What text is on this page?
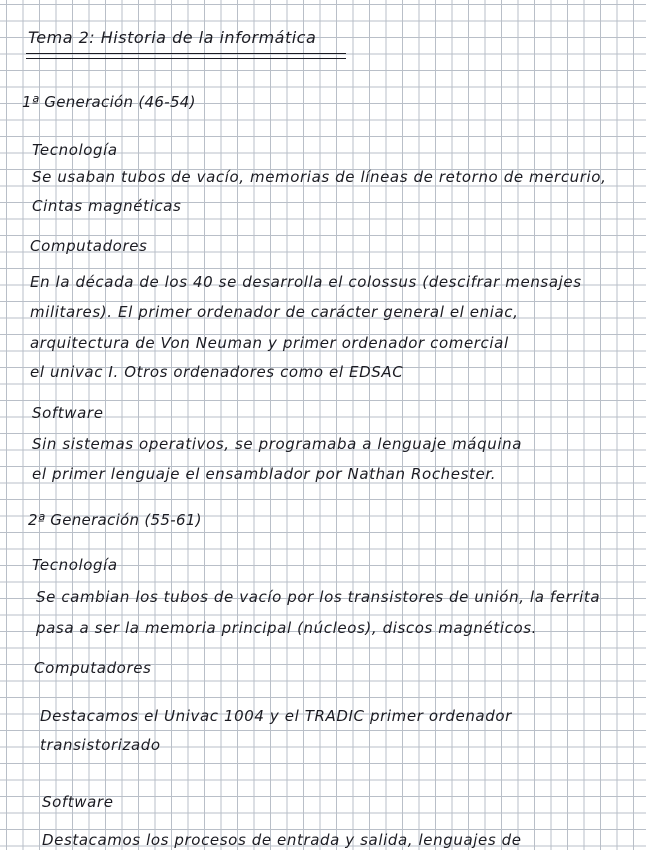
Tema 2: Historia de la informática
1ª Generación (46-54)
Tecnología
Se usaban tubos de vacío, memorias de líneas de retorno de mercurio,
Cintas magnéticas
Computadores
En la década de los 40 se desarrolla el colossus (descifrar mensajes
militares). El primer ordenador de carácter general el eniac,
arquitectura de Von Neuman y primer ordenador comercial
el univac I. Otros ordenadores como el EDSAC
Software
Sin sistemas operativos, se programaba a lenguaje máquina
el primer lenguaje el ensamblador por Nathan Rochester.
2ª Generación (55-61)
Tecnología
Se cambian los tubos de vacío por los transistores de unión, la ferrita
pasa a ser la memoria principal (núcleos), discos magnéticos.
Computadores
Destacamos el Univac 1004 y el TRADIC primer ordenador
transistorizado
Software
Destacamos los procesos de entrada y salida, lenguajes de
